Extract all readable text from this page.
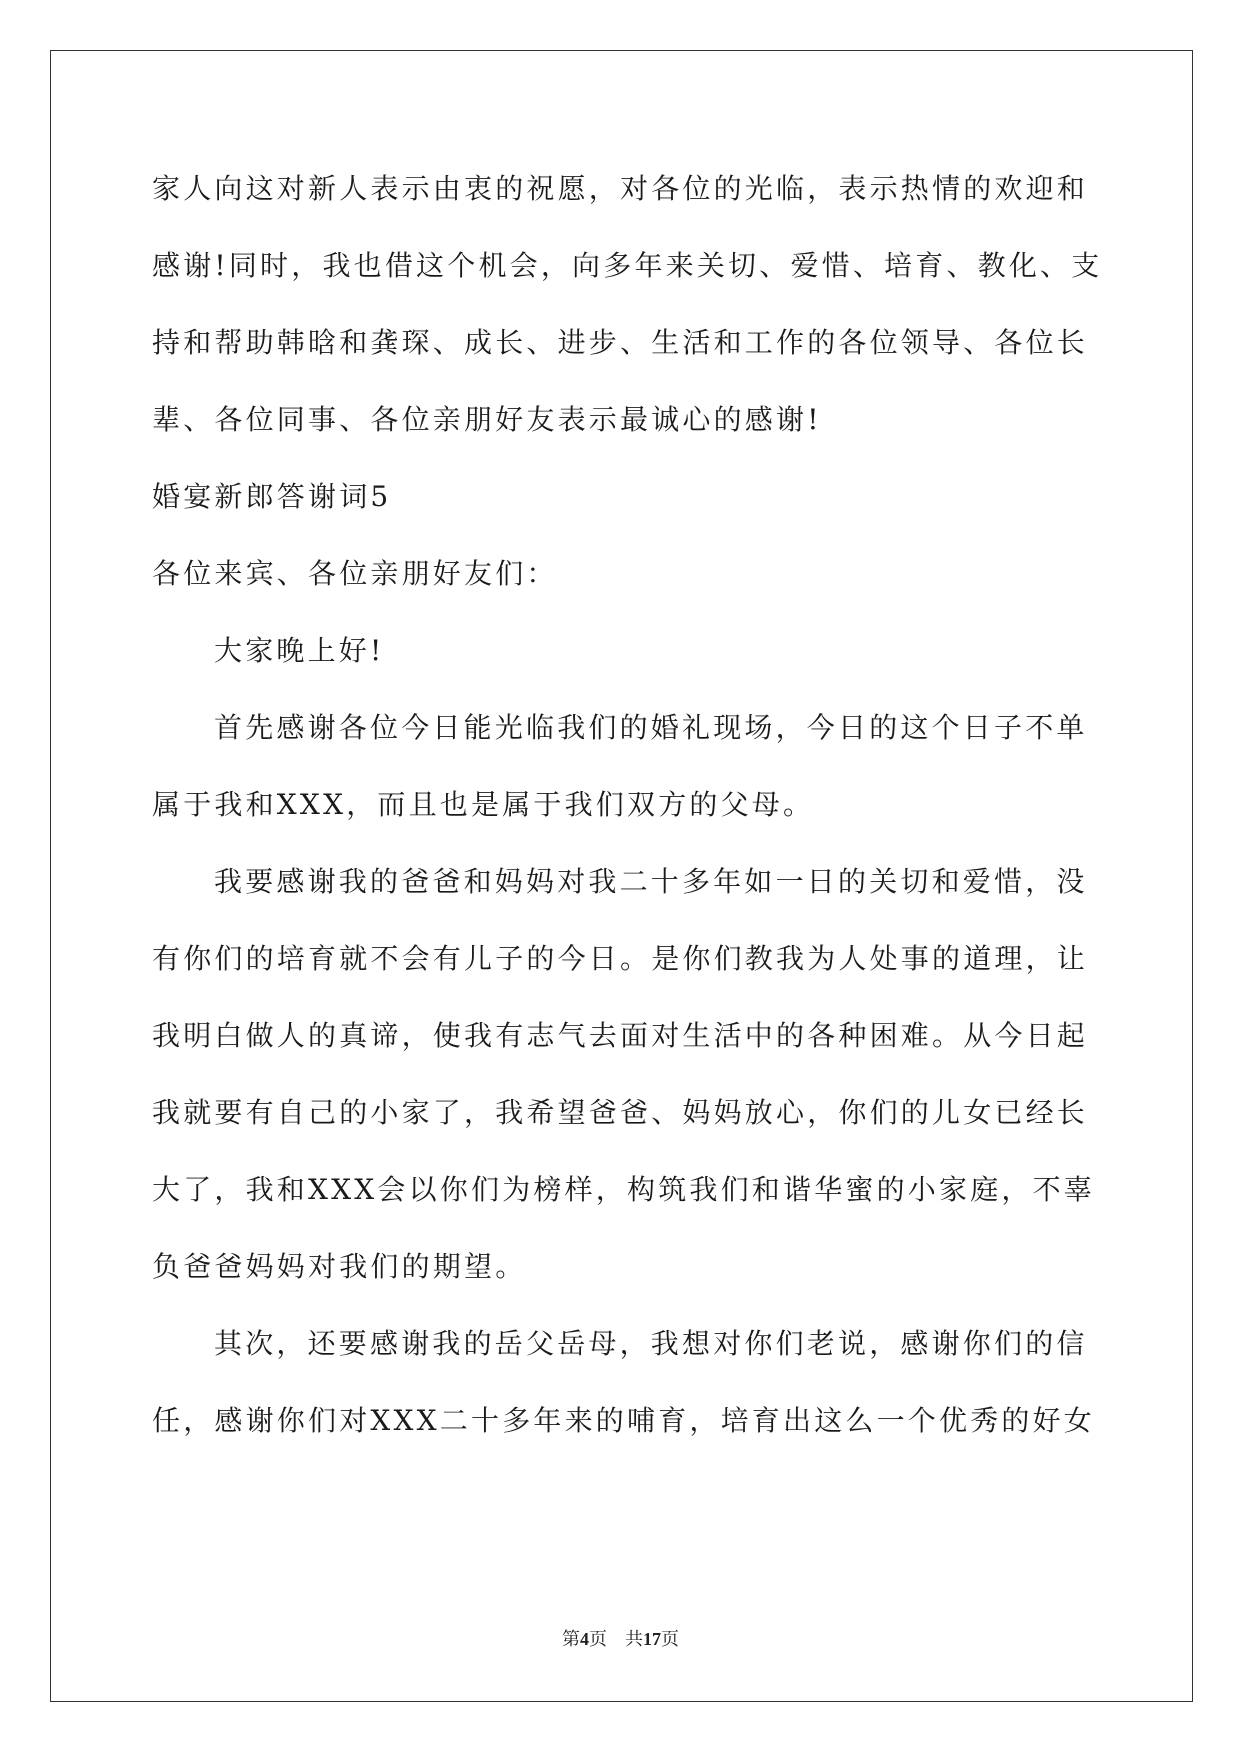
家人向这对新人表示由衷的祝愿，对各位的光临，表示热情的欢迎和
感谢!同时，我也借这个机会，向多年来关切、爱惜、培育、教化、支
持和帮助韩晗和龚琛、成长、进步、生活和工作的各位领导、各位长
辈、各位同事、各位亲朋好友表示最诚心的感谢!
婚宴新郎答谢词5
各位来宾、各位亲朋好友们：
大家晚上好!
首先感谢各位今日能光临我们的婚礼现场，今日的这个日子不单
属于我和XXX，而且也是属于我们双方的父母。
我要感谢我的爸爸和妈妈对我二十多年如一日的关切和爱惜，没
有你们的培育就不会有儿子的今日。是你们教我为人处事的道理，让
我明白做人的真谛，使我有志气去面对生活中的各种困难。从今日起
我就要有自己的小家了，我希望爸爸、妈妈放心，你们的儿女已经长
大了，我和XXX会以你们为榜样，构筑我们和谐华蜜的小家庭，不辜
负爸爸妈妈对我们的期望。
其次，还要感谢我的岳父岳母，我想对你们老说，感谢你们的信
任，感谢你们对XXX二十多年来的哺育，培育出这么一个优秀的好女
第4页 共17页
